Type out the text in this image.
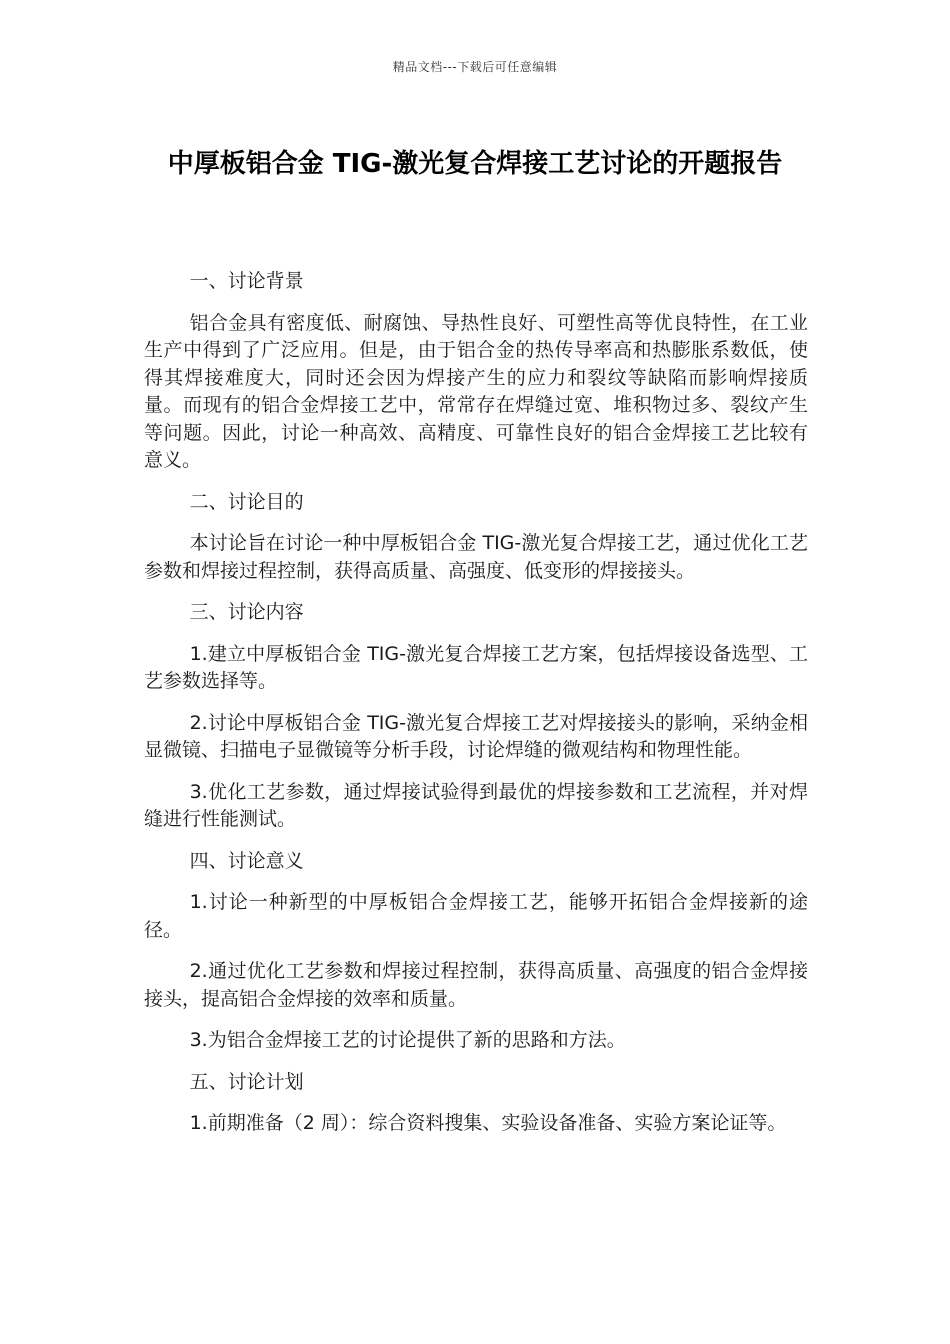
精品文档---下载后可任意编辑
中厚板铝合金 TIG-激光复合焊接工艺讨论的开题报告

一、讨论背景

铝合金具有密度低、耐腐蚀、导热性良好、可塑性高等优良特性，在工业生产中得到了广泛应用。但是，由于铝合金的热传导率高和热膨胀系数低，使得其焊接难度大，同时还会因为焊接产生的应力和裂纹等缺陷而影响焊接质量。而现有的铝合金焊接工艺中，常常存在焊缝过宽、堆积物过多、裂纹产生等问题。因此，讨论一种高效、高精度、可靠性良好的铝合金焊接工艺比较有意义。

二、讨论目的

本讨论旨在讨论一种中厚板铝合金 TIG-激光复合焊接工艺，通过优化工艺参数和焊接过程控制，获得高质量、高强度、低变形的焊接接头。

三、讨论内容

1.建立中厚板铝合金 TIG-激光复合焊接工艺方案，包括焊接设备选型、工艺参数选择等。

2.讨论中厚板铝合金 TIG-激光复合焊接工艺对焊接接头的影响，采纳金相显微镜、扫描电子显微镜等分析手段，讨论焊缝的微观结构和物理性能。

3.优化工艺参数，通过焊接试验得到最优的焊接参数和工艺流程，并对焊缝进行性能测试。

四、讨论意义

1.讨论一种新型的中厚板铝合金焊接工艺，能够开拓铝合金焊接新的途径。

2.通过优化工艺参数和焊接过程控制，获得高质量、高强度的铝合金焊接接头，提高铝合金焊接的效率和质量。

3.为铝合金焊接工艺的讨论提供了新的思路和方法。

五、讨论计划

1.前期准备（2 周）：综合资料搜集、实验设备准备、实验方案论证等。
